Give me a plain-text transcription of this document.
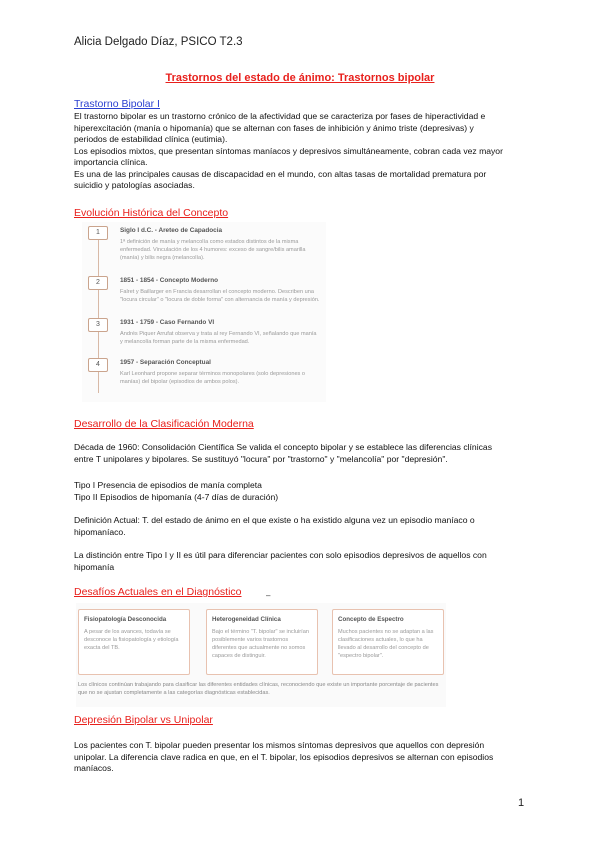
Alicia Delgado Díaz, PSICO T2.3
Trastornos del estado de ánimo: Trastornos bipolar
Trastorno Bipolar I

El trastorno bipolar es un trastorno crónico de la afectividad que se caracteriza por fases de hiperactividad e

hiperexcitación (manía o hipomanía) que se alternan con fases de inhibición y ánimo triste (depresivas) y

periodos de estabilidad clínica (eutimia).

Los episodios mixtos, que presentan síntomas maníacos y depresivos simultáneamente, cobran cada vez mayor

importancia clínica.

Es una de las principales causas de discapacidad en el mundo, con altas tasas de mortalidad prematura por

suicidio y patologías asociadas.

Evolución Histórica del Concepto
1	Siglo I d.C. - Areteo de Capadocia
1ª definición de manía y melancolía como estados distintos de la misma enfermedad. Vinculación de los 4 humores: exceso de sangre/bilis amarilla (manía) y bilis negra (melancolía).
2	1851 - 1854 - Concepto Moderno
Falret y Baillarger en Francia desarrollan el concepto moderno. Describen una "locura circular" o "locura de doble forma" con alternancia de manía y depresión.
3	1931 - 1759 - Caso Fernando VI
Andrés Piquer Arrufat observa y trata al rey Fernando VI, señalando que manía y melancolía forman parte de la misma enfermedad.
4	1957 - Separación Conceptual
Karl Leonhard propone separar términos monopolares (solo depresiones o manías) del bipolar (episodios de ambos polos).
Desarrollo de la Clasificación Moderna

Década de 1960: Consolidación Científica Se valida el concepto bipolar y se establece las diferencias clínicas

entre T unipolares y bipolares. Se sustituyó "locura" por "trastorno" y "melancolía" por "depresión".

Tipo I Presencia de episodios de manía completa

Tipo II Episodios de hipomanía (4-7 días de duración)

Definición Actual: T. del estado de ánimo en el que existe o ha existido alguna vez un episodio maníaco o

hipomaníaco.

La distinción entre Tipo I y II es útil para diferenciar pacientes con solo episodios depresivos de aquellos con

hipomanía

Desafíos Actuales en el Diagnóstico	–
Fisiopatología Desconocida
A pesar de los avances, todavía se desconoce la fisiopatología y etiología exacta del TB.
Heterogeneidad Clínica
Bajo el término "T. bipolar" se incluirían posiblemente varios trastornos diferentes que actualmente no somos capaces de distinguir.
Concepto de Espectro
Muchos pacientes no se adaptan a las clasificaciones actuales, lo que ha llevado al desarrollo del concepto de "espectro bipolar".
Los clínicos continúan trabajando para clasificar las diferentes entidades clínicas, reconociendo que existe un importante porcentaje de pacientes que no se ajustan completamente a las categorías diagnósticas establecidas.
Depresión Bipolar vs Unipolar

Los pacientes con T. bipolar pueden presentar los mismos síntomas depresivos que aquellos con depresión

unipolar. La diferencia clave radica en que, en el T. bipolar, los episodios depresivos se alternan con episodios

maníacos.

1
